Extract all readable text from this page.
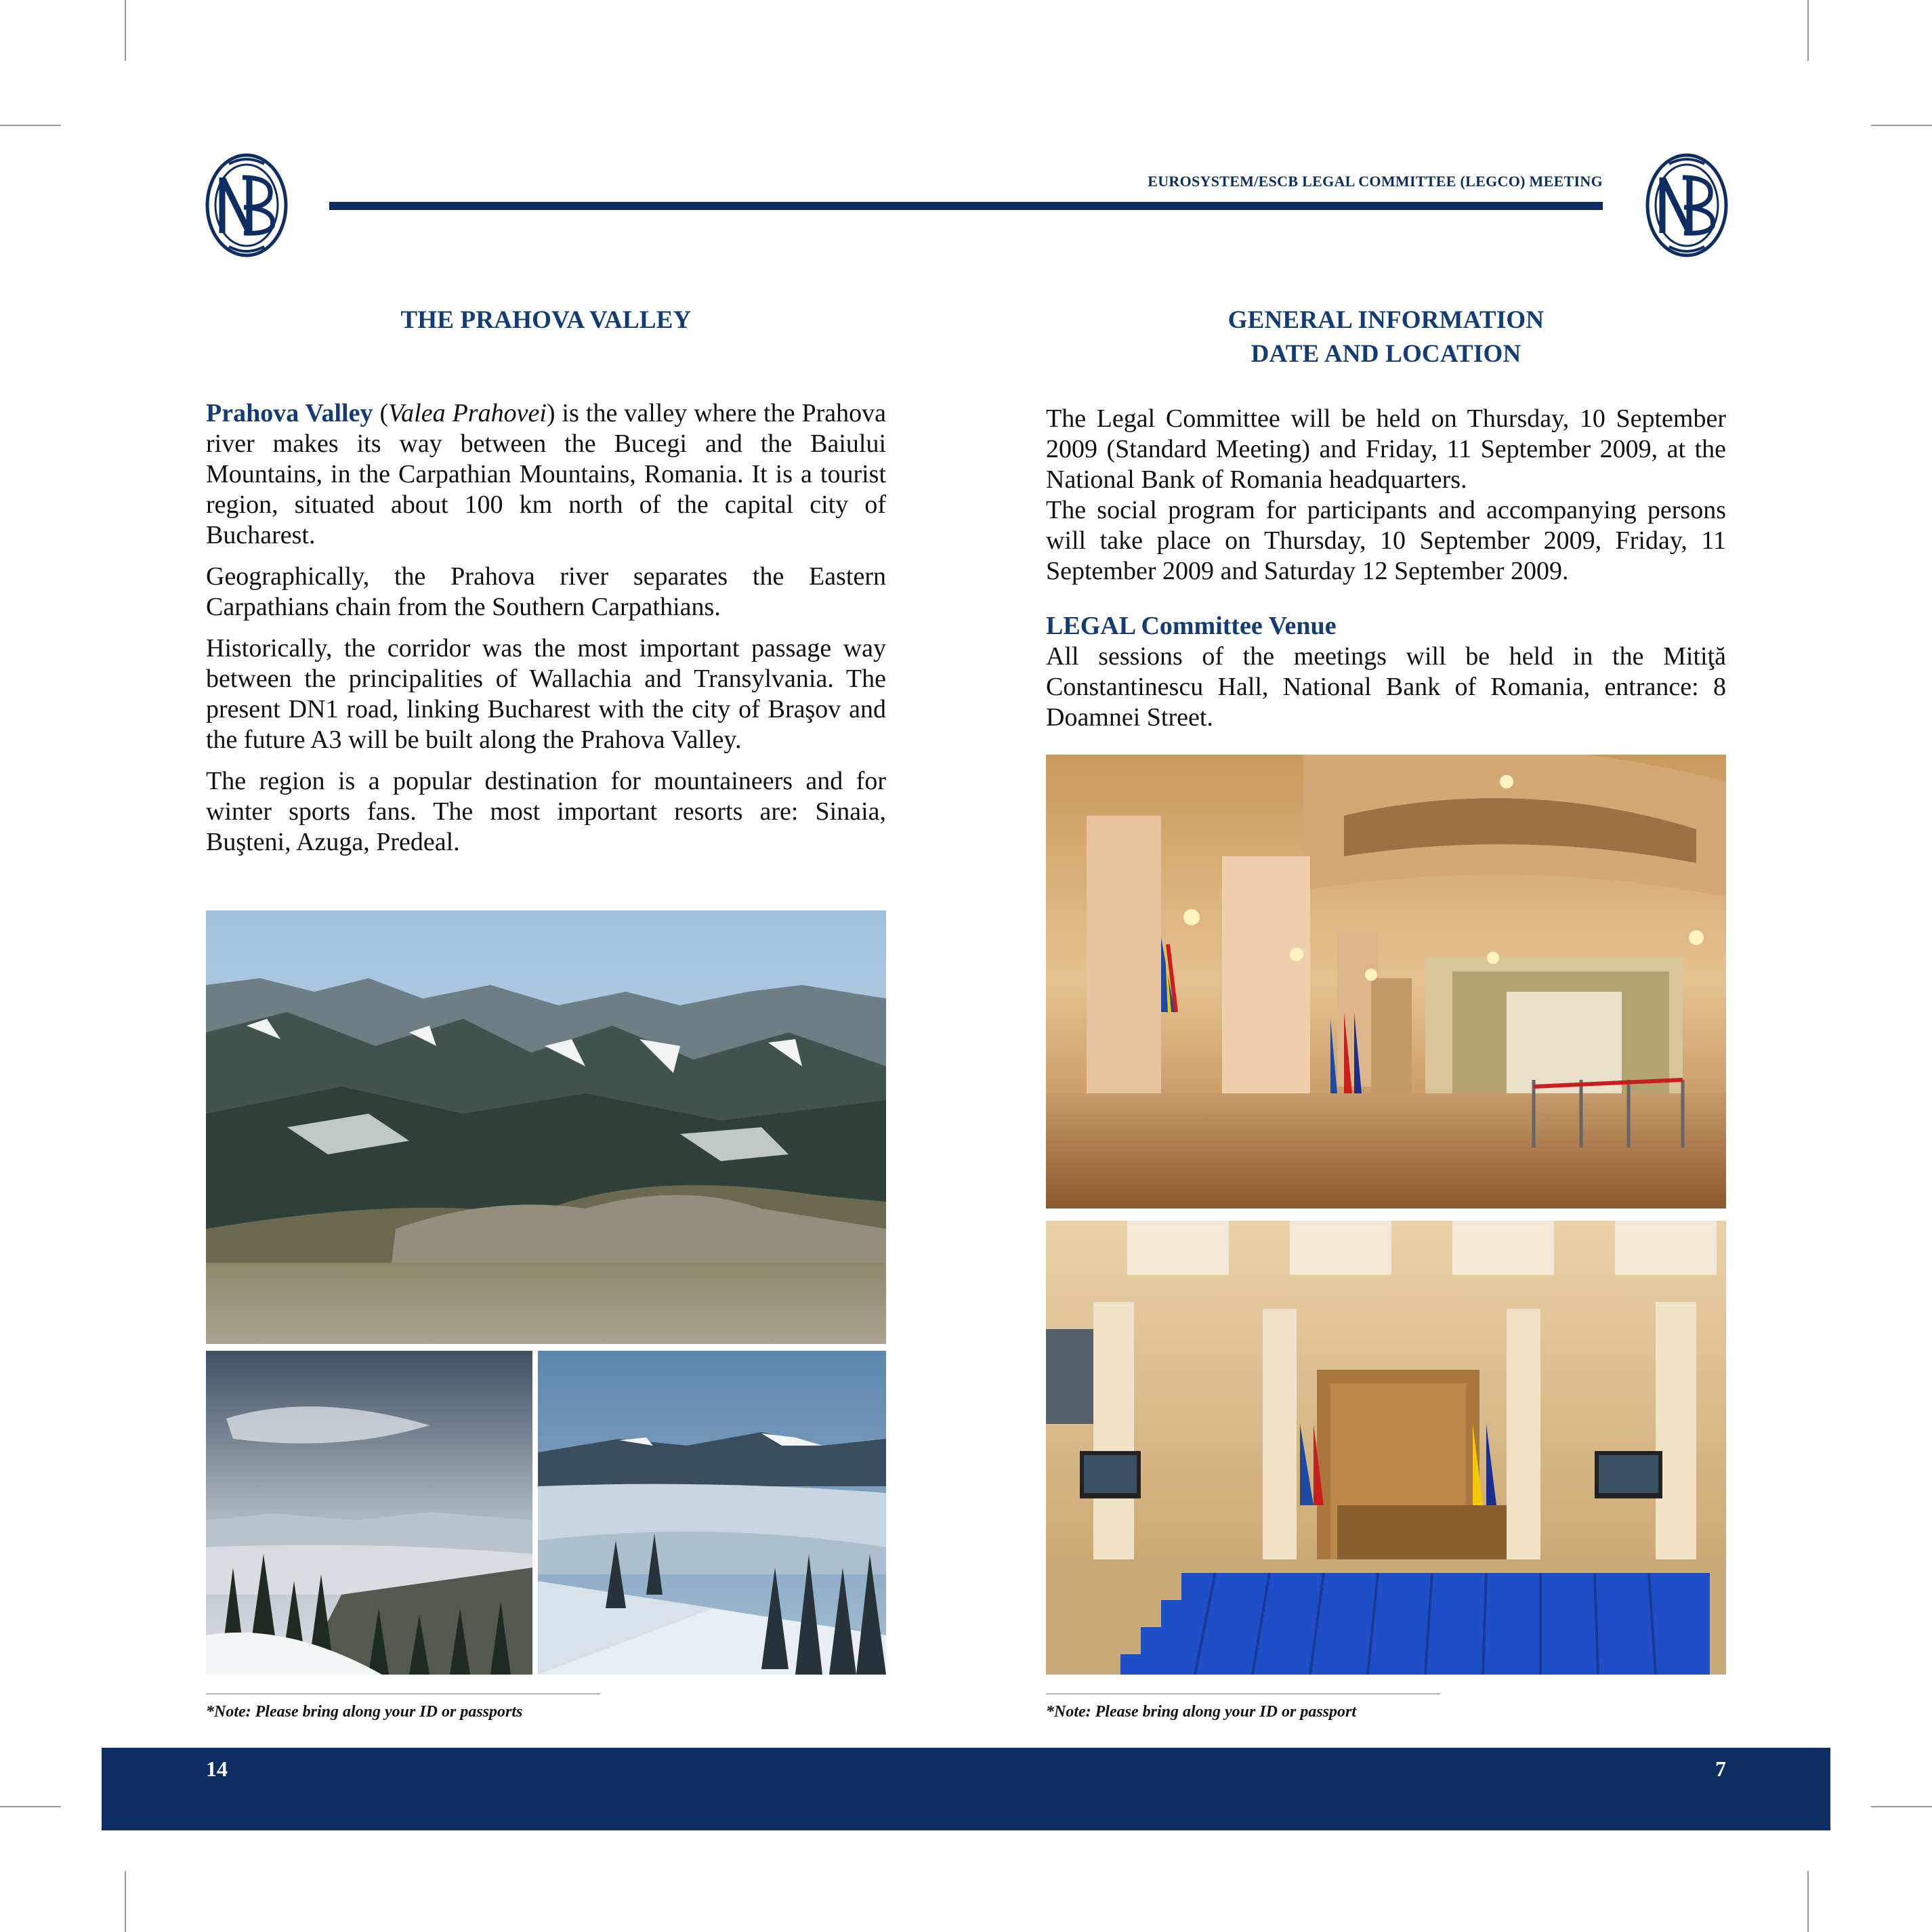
EUROSYSTEM/ESCB LEGAL COMMITTEE (LEGCO) MEETING
THE PRAHOVA VALLEY

Prahova Valley (Valea Prahovei) is the valley where the Prahova river makes its way between the Bucegi and the Baiului Mountains, in the Carpathian Mountains, Romania. It is a tourist region, situated about 100 km north of the capital city of Bucharest.

Geographically, the Prahova river separates the Eastern Carpathians chain from the Southern Carpathians.

Historically, the corridor was the most important passage way between the principalities of Wallachia and Transylvania. The present DN1 road, linking Bucharest with the city of Braşov and the future A3 will be built along the Prahova Valley.

The region is a popular destination for mountaineers and for winter sports fans. The most important resorts are: Sinaia, Buşteni, Azuga, Predeal.

*Note: Please bring along your ID or passports
GENERAL INFORMATION
DATE AND LOCATION

The Legal Committee will be held on Thursday, 10 September 2009 (Standard Meeting) and Friday, 11 September 2009, at the National Bank of Romania headquarters.

The social program for participants and accompanying persons will take place on Thursday, 10 September 2009, Friday, 11 September 2009 and Saturday 12 September 2009.

LEGAL Committee Venue

All sessions of the meetings will be held in the Mitiţă Constantinescu Hall, National Bank of Romania, entrance: 8 Doamnei Street.

*Note: Please bring along your ID or passport
14	7
